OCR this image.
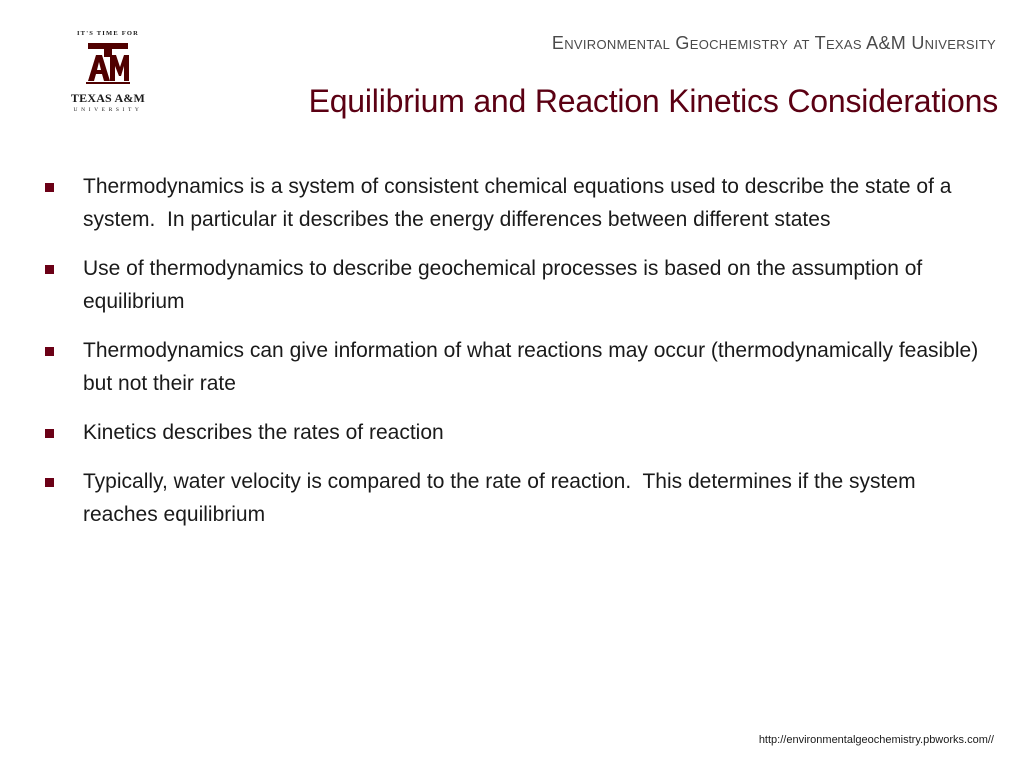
IT'S TIME FOR
TEXAS A&M
UNIVERSITY
Environmental Geochemistry at Texas A&M University
Equilibrium and Reaction Kinetics Considerations
Thermodynamics is a system of consistent chemical equations used to describe the state of a  system.  In particular it describes the energy differences between different states
Use of thermodynamics to describe geochemical processes is based on the assumption of equilibrium
Thermodynamics can give information of what reactions may occur (thermodynamically feasible) but not their rate
Kinetics describes the rates of reaction
Typically, water velocity is compared to the rate of reaction.  This determines if the system reaches equilibrium
http://environmentalgeochemistry.pbworks.com//
